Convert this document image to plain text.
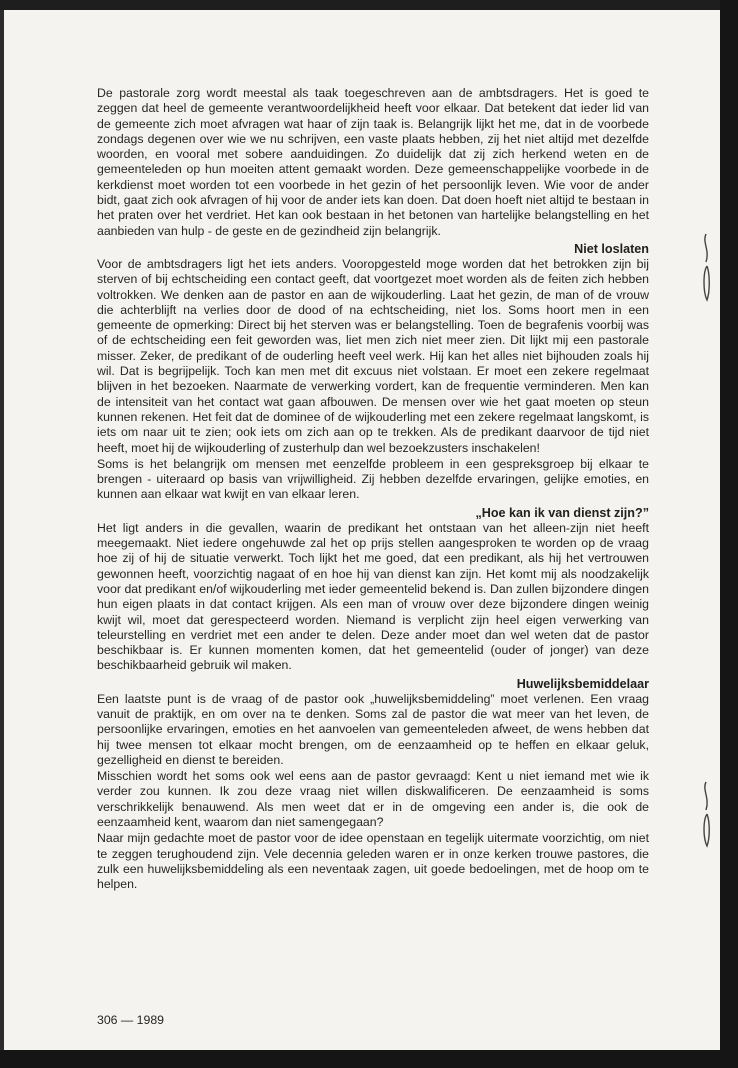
De pastorale zorg wordt meestal als taak toegeschreven aan de ambtsdragers. Het is goed te zeggen dat heel de gemeente verantwoordelijkheid heeft voor elkaar. Dat betekent dat ieder lid van de gemeente zich moet afvragen wat haar of zijn taak is. Belangrijk lijkt het me, dat in de voorbede zondags degenen over wie we nu schrijven, een vaste plaats hebben, zij het niet altijd met dezelfde woorden, en vooral met sobere aanduidingen. Zo duidelijk dat zij zich herkend weten en de gemeenteleden op hun moeiten attent gemaakt worden. Deze gemeenschappelijke voorbede in de kerkdienst moet worden tot een voorbede in het gezin of het persoonlijk leven. Wie voor de ander bidt, gaat zich ook afvragen of hij voor de ander iets kan doen. Dat doen hoeft niet altijd te bestaan in het praten over het verdriet. Het kan ook bestaan in het betonen van hartelijke belangstelling en het aanbieden van hulp - de geste en de gezindheid zijn belangrijk.

Niet loslaten

Voor de ambtsdragers ligt het iets anders. Vooropgesteld moge worden dat het betrokken zijn bij sterven of bij echtscheiding een contact geeft, dat voortgezet moet worden als de feiten zich hebben voltrokken. We denken aan de pastor en aan de wijkouderling. Laat het gezin, de man of de vrouw die achterblijft na verlies door de dood of na echtscheiding, niet los. Soms hoort men in een gemeente de opmerking: Direct bij het sterven was er belangstelling. Toen de begrafenis voorbij was of de echtscheiding een feit geworden was, liet men zich niet meer zien. Dit lijkt mij een pastorale misser. Zeker, de predikant of de ouderling heeft veel werk. Hij kan het alles niet bijhouden zoals hij wil. Dat is begrijpelijk. Toch kan men met dit excuus niet volstaan. Er moet een zekere regelmaat blijven in het bezoeken. Naarmate de verwerking vordert, kan de frequentie verminderen. Men kan de intensiteit van het contact wat gaan afbouwen. De mensen over wie het gaat moeten op steun kunnen rekenen. Het feit dat de dominee of de wijkouderling met een zekere regelmaat langskomt, is iets om naar uit te zien; ook iets om zich aan op te trekken. Als de predikant daarvoor de tijd niet heeft, moet hij de wijkouderling of zusterhulp dan wel bezoekzusters inschakelen!

Soms is het belangrijk om mensen met eenzelfde probleem in een gespreksgroep bij elkaar te brengen - uiteraard op basis van vrijwilligheid. Zij hebben dezelfde ervaringen, gelijke emoties, en kunnen aan elkaar wat kwijt en van elkaar leren.

„Hoe kan ik van dienst zijn?”

Het ligt anders in die gevallen, waarin de predikant het ontstaan van het alleen-zijn niet heeft meegemaakt. Niet iedere ongehuwde zal het op prijs stellen aangesproken te worden op de vraag hoe zij of hij de situatie verwerkt. Toch lijkt het me goed, dat een predikant, als hij het vertrouwen gewonnen heeft, voorzichtig nagaat of en hoe hij van dienst kan zijn. Het komt mij als noodzakelijk voor dat predikant en/of wijkouderling met ieder gemeentelid bekend is. Dan zullen bijzondere dingen hun eigen plaats in dat contact krijgen. Als een man of vrouw over deze bijzondere dingen weinig kwijt wil, moet dat gerespecteerd worden. Niemand is verplicht zijn heel eigen verwerking van teleurstelling en verdriet met een ander te delen. Deze ander moet dan wel weten dat de pastor beschikbaar is. Er kunnen momenten komen, dat het gemeentelid (ouder of jonger) van deze beschikbaarheid gebruik wil maken.

Huwelijksbemiddelaar

Een laatste punt is de vraag of de pastor ook „huwelijksbemiddeling” moet verlenen. Een vraag vanuit de praktijk, en om over na te denken. Soms zal de pastor die wat meer van het leven, de persoonlijke ervaringen, emoties en het aanvoelen van gemeenteleden afweet, de wens hebben dat hij twee mensen tot elkaar mocht brengen, om de eenzaamheid op te heffen en elkaar geluk, gezelligheid en dienst te bereiden.

Misschien wordt het soms ook wel eens aan de pastor gevraagd: Kent u niet iemand met wie ik verder zou kunnen. Ik zou deze vraag niet willen diskwalificeren. De eenzaamheid is soms verschrikkelijk benauwend. Als men weet dat er in de omgeving een ander is, die ook de eenzaamheid kent, waarom dan niet samengegaan?

Naar mijn gedachte moet de pastor voor de idee openstaan en tegelijk uitermate voorzichtig, om niet te zeggen terughoudend zijn. Vele decennia geleden waren er in onze kerken trouwe pastores, die zulk een huwelijksbemiddeling als een neventaak zagen, uit goede bedoelingen, met de hoop om te helpen.

306 — 1989
